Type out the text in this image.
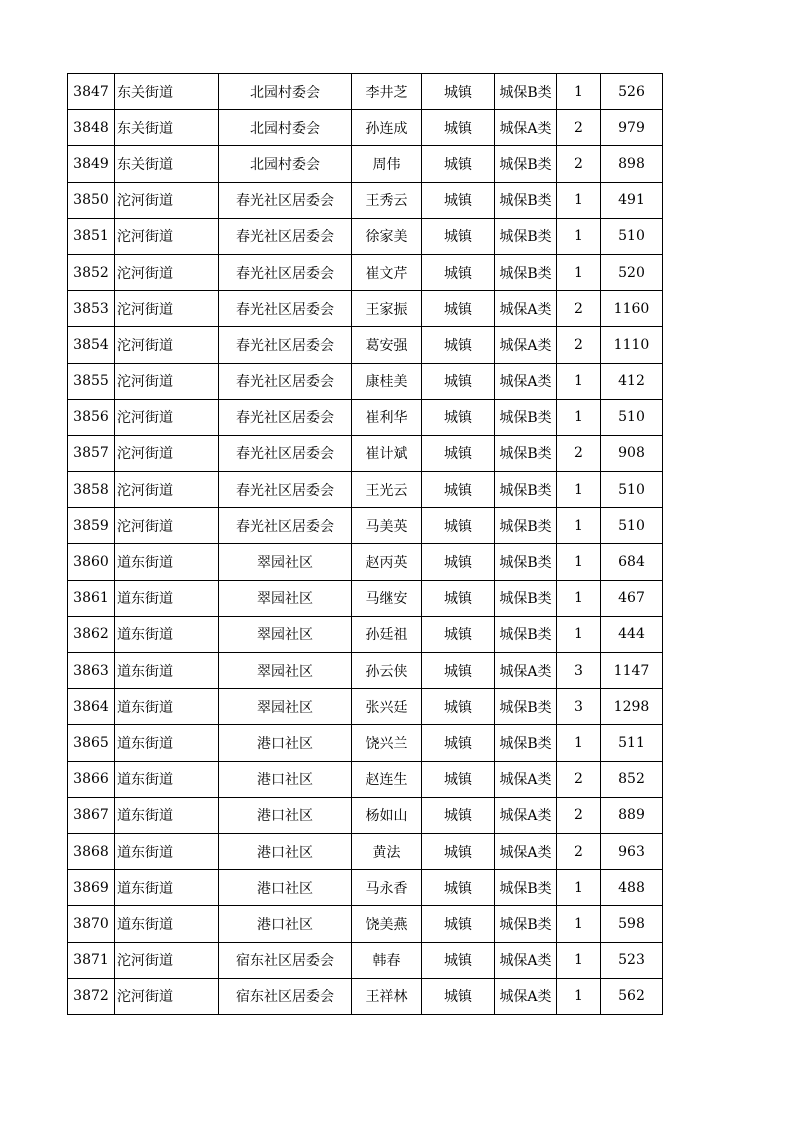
3847	东关街道	北园村委会	李井芝	城镇	城保B类	1	526
3848	东关街道	北园村委会	孙连成	城镇	城保A类	2	979
3849	东关街道	北园村委会	周伟	城镇	城保B类	2	898
3850	沱河街道	春光社区居委会	王秀云	城镇	城保B类	1	491
3851	沱河街道	春光社区居委会	徐家美	城镇	城保B类	1	510
3852	沱河街道	春光社区居委会	崔文芹	城镇	城保B类	1	520
3853	沱河街道	春光社区居委会	王家振	城镇	城保A类	2	1160
3854	沱河街道	春光社区居委会	葛安强	城镇	城保A类	2	1110
3855	沱河街道	春光社区居委会	康桂美	城镇	城保A类	1	412
3856	沱河街道	春光社区居委会	崔利华	城镇	城保B类	1	510
3857	沱河街道	春光社区居委会	崔计斌	城镇	城保B类	2	908
3858	沱河街道	春光社区居委会	王光云	城镇	城保B类	1	510
3859	沱河街道	春光社区居委会	马美英	城镇	城保B类	1	510
3860	道东街道	翠园社区	赵丙英	城镇	城保B类	1	684
3861	道东街道	翠园社区	马继安	城镇	城保B类	1	467
3862	道东街道	翠园社区	孙廷祖	城镇	城保B类	1	444
3863	道东街道	翠园社区	孙云侠	城镇	城保A类	3	1147
3864	道东街道	翠园社区	张兴廷	城镇	城保B类	3	1298
3865	道东街道	港口社区	饶兴兰	城镇	城保B类	1	511
3866	道东街道	港口社区	赵连生	城镇	城保A类	2	852
3867	道东街道	港口社区	杨如山	城镇	城保A类	2	889
3868	道东街道	港口社区	黄法	城镇	城保A类	2	963
3869	道东街道	港口社区	马永香	城镇	城保B类	1	488
3870	道东街道	港口社区	饶美燕	城镇	城保B类	1	598
3871	沱河街道	宿东社区居委会	韩春	城镇	城保A类	1	523
3872	沱河街道	宿东社区居委会	王祥林	城镇	城保A类	1	562
